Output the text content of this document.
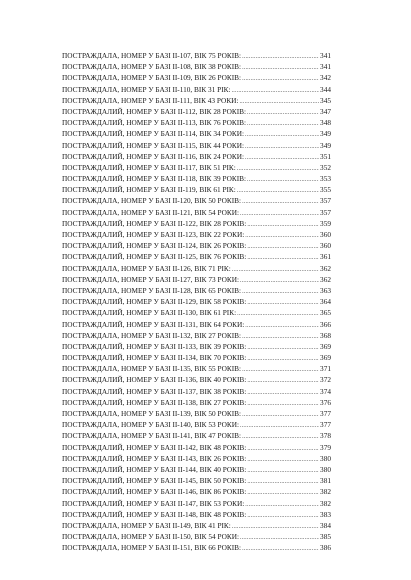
ПОСТРАЖДАЛА, НОМЕР У БАЗІ II-107, ВІК 75 РОКІВ: .....	341
ПОСТРАЖДАЛА, НОМЕР У БАЗІ II-108, ВІК 38 РОКІВ: .....	341
ПОСТРАЖДАЛА, НОМЕР У БАЗІ II-109, ВІК 26 РОКІВ: .....	342
ПОСТРАЖДАЛА, НОМЕР У БАЗІ II-110, ВІК 31 РІК: .....	344
ПОСТРАЖДАЛА, НОМЕР У БАЗІ II-111, ВІК 43 РОКИ: .....	345
ПОСТРАЖДАЛИЙ, НОМЕР У БАЗІ II-112, ВІК 28 РОКІВ: .....	347
ПОСТРАЖДАЛИЙ, НОМЕР У БАЗІ II-113, ВІК 76 РОКІВ: .....	348
ПОСТРАЖДАЛИЙ, НОМЕР У БАЗІ II-114, ВІК 34 РОКИ: .....	349
ПОСТРАЖДАЛИЙ, НОМЕР У БАЗІ II-115, ВІК 44 РОКИ: .....	349
ПОСТРАЖДАЛИЙ, НОМЕР У БАЗІ II-116, ВІК 24 РОКИ: .....	351
ПОСТРАЖДАЛИЙ, НОМЕР У БАЗІ II-117, ВІК 51 РІК: .....	352
ПОСТРАЖДАЛИЙ, НОМЕР У БАЗІ II-118, ВІК 39 РОКІВ: .....	353
ПОСТРАЖДАЛИЙ, НОМЕР У БАЗІ II-119, ВІК 61 РІК: .....	355
ПОСТРАЖДАЛА, НОМЕР У БАЗІ II-120, ВІК 50 РОКІВ: .....	357
ПОСТРАЖДАЛА, НОМЕР У БАЗІ II-121, ВІК 54 РОКИ: .....	357
ПОСТРАЖДАЛИЙ, НОМЕР У БАЗІ II-122, ВІК 28 РОКІВ: .....	359
ПОСТРАЖДАЛИЙ, НОМЕР У БАЗІ II-123, ВІК 22 РОКИ: .....	360
ПОСТРАЖДАЛИЙ, НОМЕР У БАЗІ II-124, ВІК 26 РОКІВ: .....	360
ПОСТРАЖДАЛИЙ, НОМЕР У БАЗІ II-125, ВІК 76 РОКІВ: .....	361
ПОСТРАЖДАЛА, НОМЕР У БАЗІ II-126, ВІК 71 РІК: .....	362
ПОСТРАЖДАЛА, НОМЕР У БАЗІ II-127, ВІК 73 РОКИ: .....	362
ПОСТРАЖДАЛА, НОМЕР У БАЗІ II-128, ВІК 65 РОКІВ: .....	363
ПОСТРАЖДАЛИЙ, НОМЕР У БАЗІ II-129, ВІК 58 РОКІВ: .....	364
ПОСТРАЖДАЛИЙ, НОМЕР У БАЗІ II-130, ВІК 61 РІК: .....	365
ПОСТРАЖДАЛИЙ, НОМЕР У БАЗІ II-131, ВІК 64 РОКИ: .....	366
ПОСТРАЖДАЛА, НОМЕР У БАЗІ II-132, ВІК 27 РОКІВ: .....	368
ПОСТРАЖДАЛИЙ, НОМЕР У БАЗІ II-133, ВІК 39 РОКІВ: .....	369
ПОСТРАЖДАЛИЙ, НОМЕР У БАЗІ II-134, ВІК 70 РОКІВ: .....	369
ПОСТРАЖДАЛА, НОМЕР У БАЗІ II-135, ВІК 55 РОКІВ: .....	371
ПОСТРАЖДАЛИЙ, НОМЕР У БАЗІ II-136, ВІК 40 РОКІВ: .....	372
ПОСТРАЖДАЛИЙ, НОМЕР У БАЗІ II-137, ВІК 38 РОКІВ: .....	374
ПОСТРАЖДАЛИЙ, НОМЕР У БАЗІ II-138, ВІК 27 РОКІВ: .....	376
ПОСТРАЖДАЛА, НОМЕР У БАЗІ II-139, ВІК 50 РОКІВ: .....	377
ПОСТРАЖДАЛА, НОМЕР У БАЗІ II-140, ВІК 53 РОКИ: .....	377
ПОСТРАЖДАЛА, НОМЕР У БАЗІ II-141, ВІК 47 РОКІВ: .....	378
ПОСТРАЖДАЛИЙ, НОМЕР У БАЗІ II-142, ВІК 48 РОКІВ: .....	379
ПОСТРАЖДАЛИЙ, НОМЕР У БАЗІ II-143, ВІК 26 РОКІВ: .....	380
ПОСТРАЖДАЛИЙ, НОМЕР У БАЗІ II-144, ВІК 40 РОКІВ: .....	380
ПОСТРАЖДАЛИЙ, НОМЕР У БАЗІ II-145, ВІК 50 РОКІВ: .....	381
ПОСТРАЖДАЛИЙ, НОМЕР У БАЗІ II-146, ВІК 86 РОКІВ: .....	382
ПОСТРАЖДАЛИЙ, НОМЕР У БАЗІ II-147, ВІК 53 РОКИ: .....	382
ПОСТРАЖДАЛИЙ, НОМЕР У БАЗІ II-148, ВІК 48 РОКІВ: .....	383
ПОСТРАЖДАЛА, НОМЕР У БАЗІ II-149, ВІК 41 РІК: .....	384
ПОСТРАЖДАЛА, НОМЕР У БАЗІ II-150, ВІК 54 РОКИ: .....	385
ПОСТРАЖДАЛА, НОМЕР У БАЗІ II-151, ВІК 66 РОКІВ: .....	386
